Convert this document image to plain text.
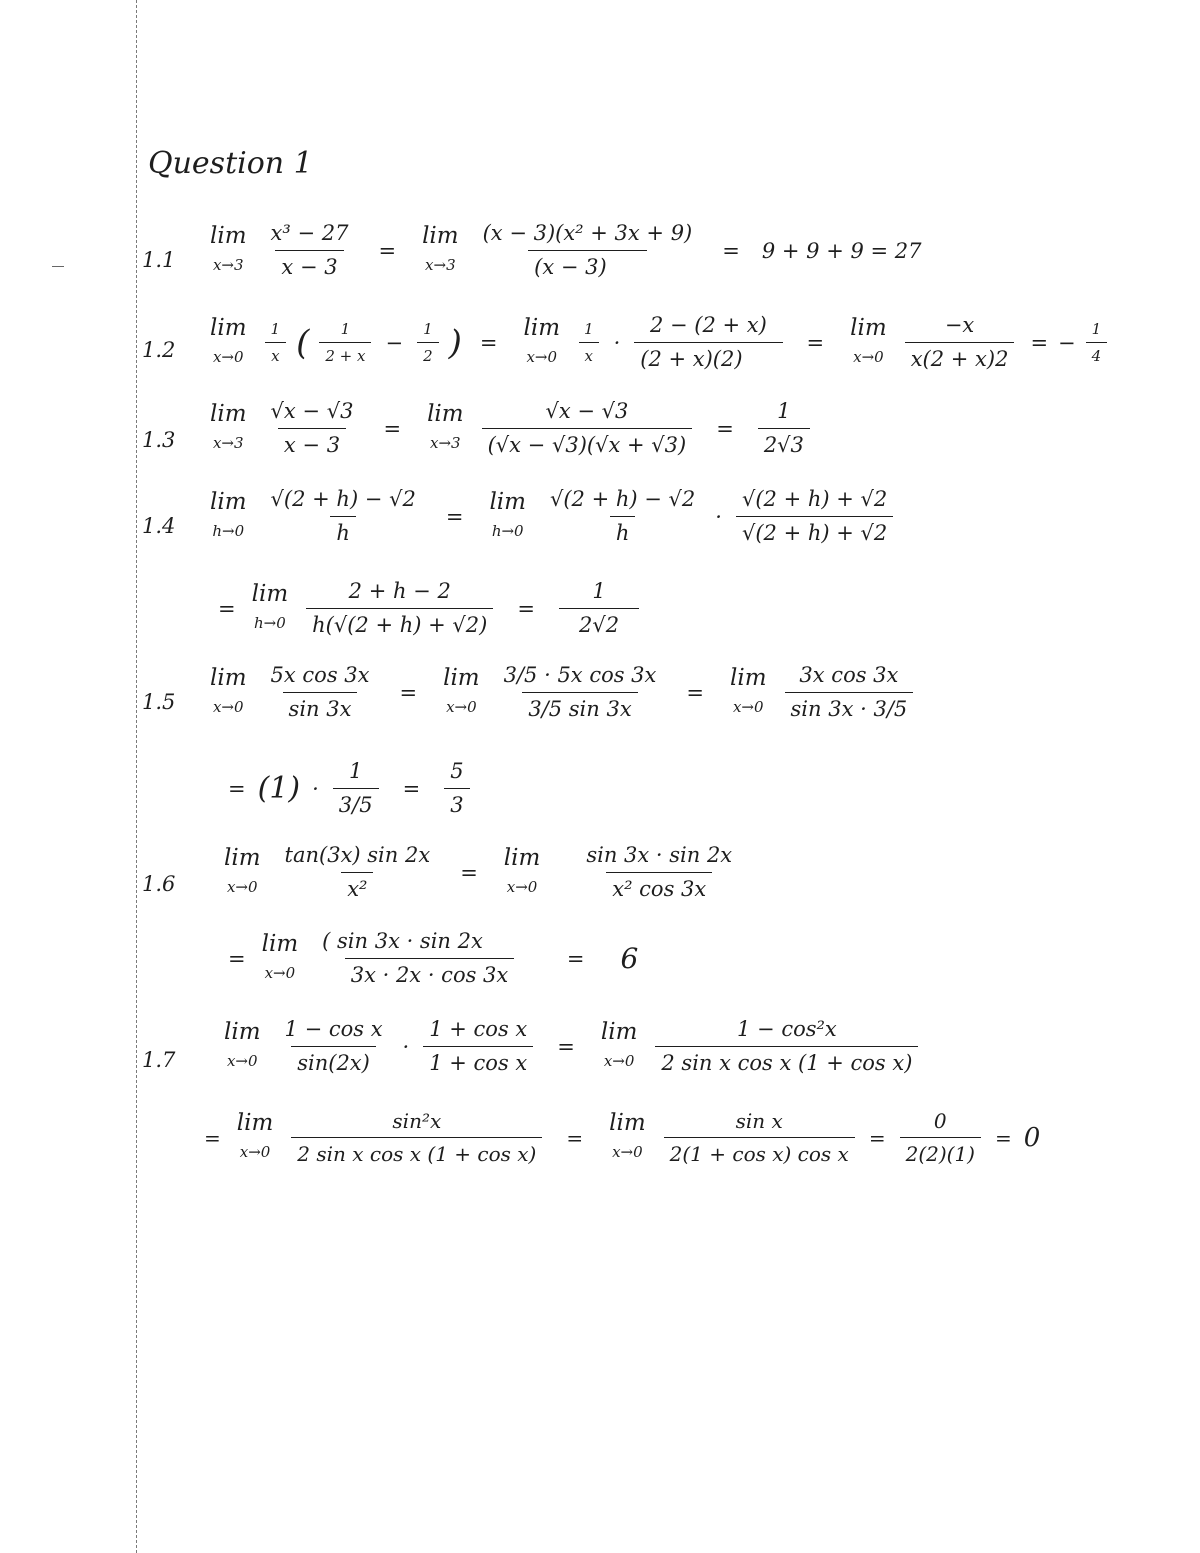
Question 1
1.1
lim
$x\to 3 \frac{\text{x³ − 27}}{x - 3}$ =
lim
$x\to 3 \frac{\text{(x − 3)(x² + 3x + 9)}}{(x - 3)} = 9 + 9 + 9 = 27$
1.2
lim
$x\to 0 \frac{1}{x}$ ( $\frac{1}{2 + x} - \frac{1}{2}$ ) =
lim
$x\to 0 \frac{1}{x} \cdot \frac{2 - (2 + x)}{(2 + x)(2)}$ =
lim
$x\to 0 \frac{-x}{x(2 + x)2}$ = − $\frac{1}{4}$
1.3
lim
$x\to 3 \frac{√x - √3}{x - 3}$ =
lim
$x\to 3 \frac{√x - √3}{(√x - √3)(√x + √3)} = \frac{1}{2√3}$
1.4
lim
$h\to 0 \frac{√(2 + h) - √2}{h}$ =
lim
$h\to 0 \frac{√(2 + h) - √2}{h} \cdot \frac{√(2 + h) + √2}{√(2 + h) + √2}$
=
lim
$h\to 0 \frac{2 + h - 2}{h(√(2 + h) + √2)} = \frac{1}{2√2}$
1.5
lim
$x\to 0 \frac{\text{5x cos 3x}}{\sin 3x}$ =
lim
$x\to 0 \frac{\text{3/5 · 5x cos 3x}}{3/5 \sin 3x}$ =
lim
$x\to 0 \frac{\text{3x cos 3x}}{\sin 3x \cdot 3/5}$
= $(1) \cdot \frac{1}{3/5} = \frac{5}{3}$
1.6
lim
$x\to 0 \frac{\tan(3x) \sin 2x}{\text{x²}}$ =
lim
$x\to 0 \frac{\sin 3x \cdot \sin 2x}{\text{x² cos 3x}}$
=
lim
$x\to 0 \frac{( \sin 3x \cdot \sin 2x}{3x \cdot 2x \cdot \cos 3x} = 6$
1.7
lim
$x\to 0 \frac{\text{1 − cos x}}{\sin(2x)} \cdot \frac{\text{1 + cos x}}{\text{1 + cos x}}$ =
lim
$x\to 0 \frac{\text{1 − cos²x}}{\text{2 sin x cos x (1 + cos x)}}$
=
lim
$x\to 0 \frac{\text{sin²x}}{\text{2 sin x cos x (1 + cos x)}}$ =
lim
$x\to 0 \frac{\text{sin x}}{\text{2(1 + cos x) cos x}} = \frac{0}{2(2)(1)} = 0$
